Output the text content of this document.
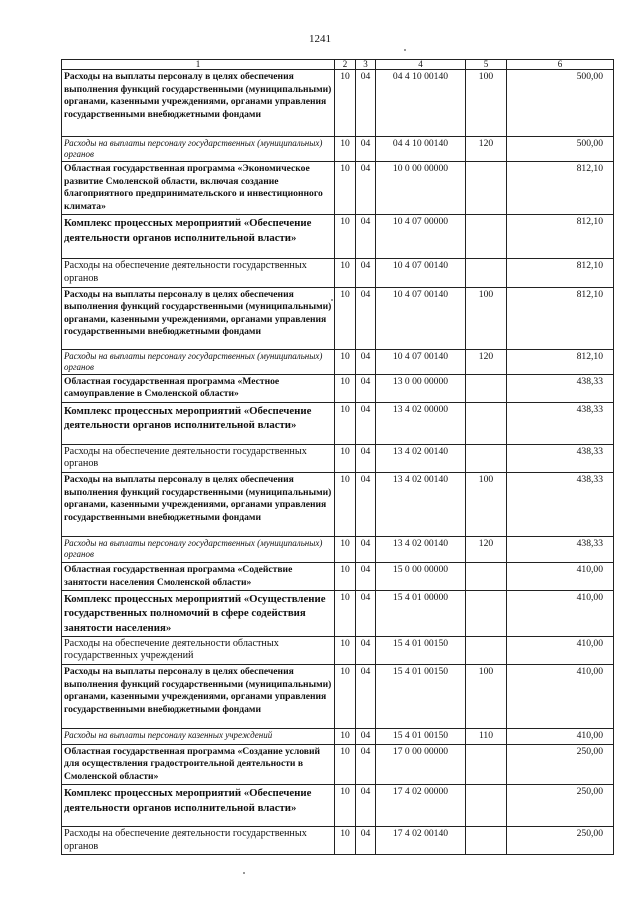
1241
1	2	3	4	5	6
Расходы на выплаты персоналу в целях обеспечения выполнения функций государственными (муниципальными) органами, казенными учреждениями, органами управления государственными внебюджетными фондами	10	04	04 4 10 00140	100	500,00
Расходы на выплаты персоналу государственных (муниципальных) органов	10	04	04 4 10 00140	120	500,00
Областная государственная программа «Экономическое развитие Смоленской области, включая создание благоприятного предпринимательского и инвестиционного климата»	10	04	10 0 00 00000		812,10
Комплекс процессных мероприятий «Обеспечение деятельности органов исполнительной власти»	10	04	10 4 07 00000		812,10
Расходы на обеспечение деятельности государственных органов	10	04	10 4 07 00140		812,10
Расходы на выплаты персоналу в целях обеспечения выполнения функций государственными (муниципальными) органами, казенными учреждениями, органами управления государственными внебюджетными фондами	10	04	10 4 07 00140	100	812,10
Расходы на выплаты персоналу государственных (муниципальных) органов	10	04	10 4 07 00140	120	812,10
Областная государственная программа «Местное самоуправление в Смоленской области»	10	04	13 0 00 00000		438,33
Комплекс процессных мероприятий «Обеспечение деятельности органов исполнительной власти»	10	04	13 4 02 00000		438,33
Расходы на обеспечение деятельности государственных органов	10	04	13 4 02 00140		438,33
Расходы на выплаты персоналу в целях обеспечения выполнения функций государственными (муниципальными) органами, казенными учреждениями, органами управления государственными внебюджетными фондами	10	04	13 4 02 00140	100	438,33
Расходы на выплаты персоналу государственных (муниципальных) органов	10	04	13 4 02 00140	120	438,33
Областная государственная программа «Содействие занятости населения Смоленской области»	10	04	15 0 00 00000		410,00
Комплекс процессных мероприятий «Осуществление государственных полномочий в сфере содействия занятости населения»	10	04	15 4 01 00000		410,00
Расходы на обеспечение деятельности областных государственных учреждений	10	04	15 4 01 00150		410,00
Расходы на выплаты персоналу в целях обеспечения выполнения функций государственными (муниципальными) органами, казенными учреждениями, органами управления государственными внебюджетными фондами	10	04	15 4 01 00150	100	410,00
Расходы на выплаты персоналу казенных учреждений	10	04	15 4 01 00150	110	410,00
Областная государственная программа «Создание условий для осуществления градостроительной деятельности в Смоленской области»	10	04	17 0 00 00000		250,00
Комплекс процессных мероприятий «Обеспечение деятельности органов исполнительной власти»	10	04	17 4 02 00000		250,00
Расходы на обеспечение деятельности государственных органов	10	04	17 4 02 00140		250,00
